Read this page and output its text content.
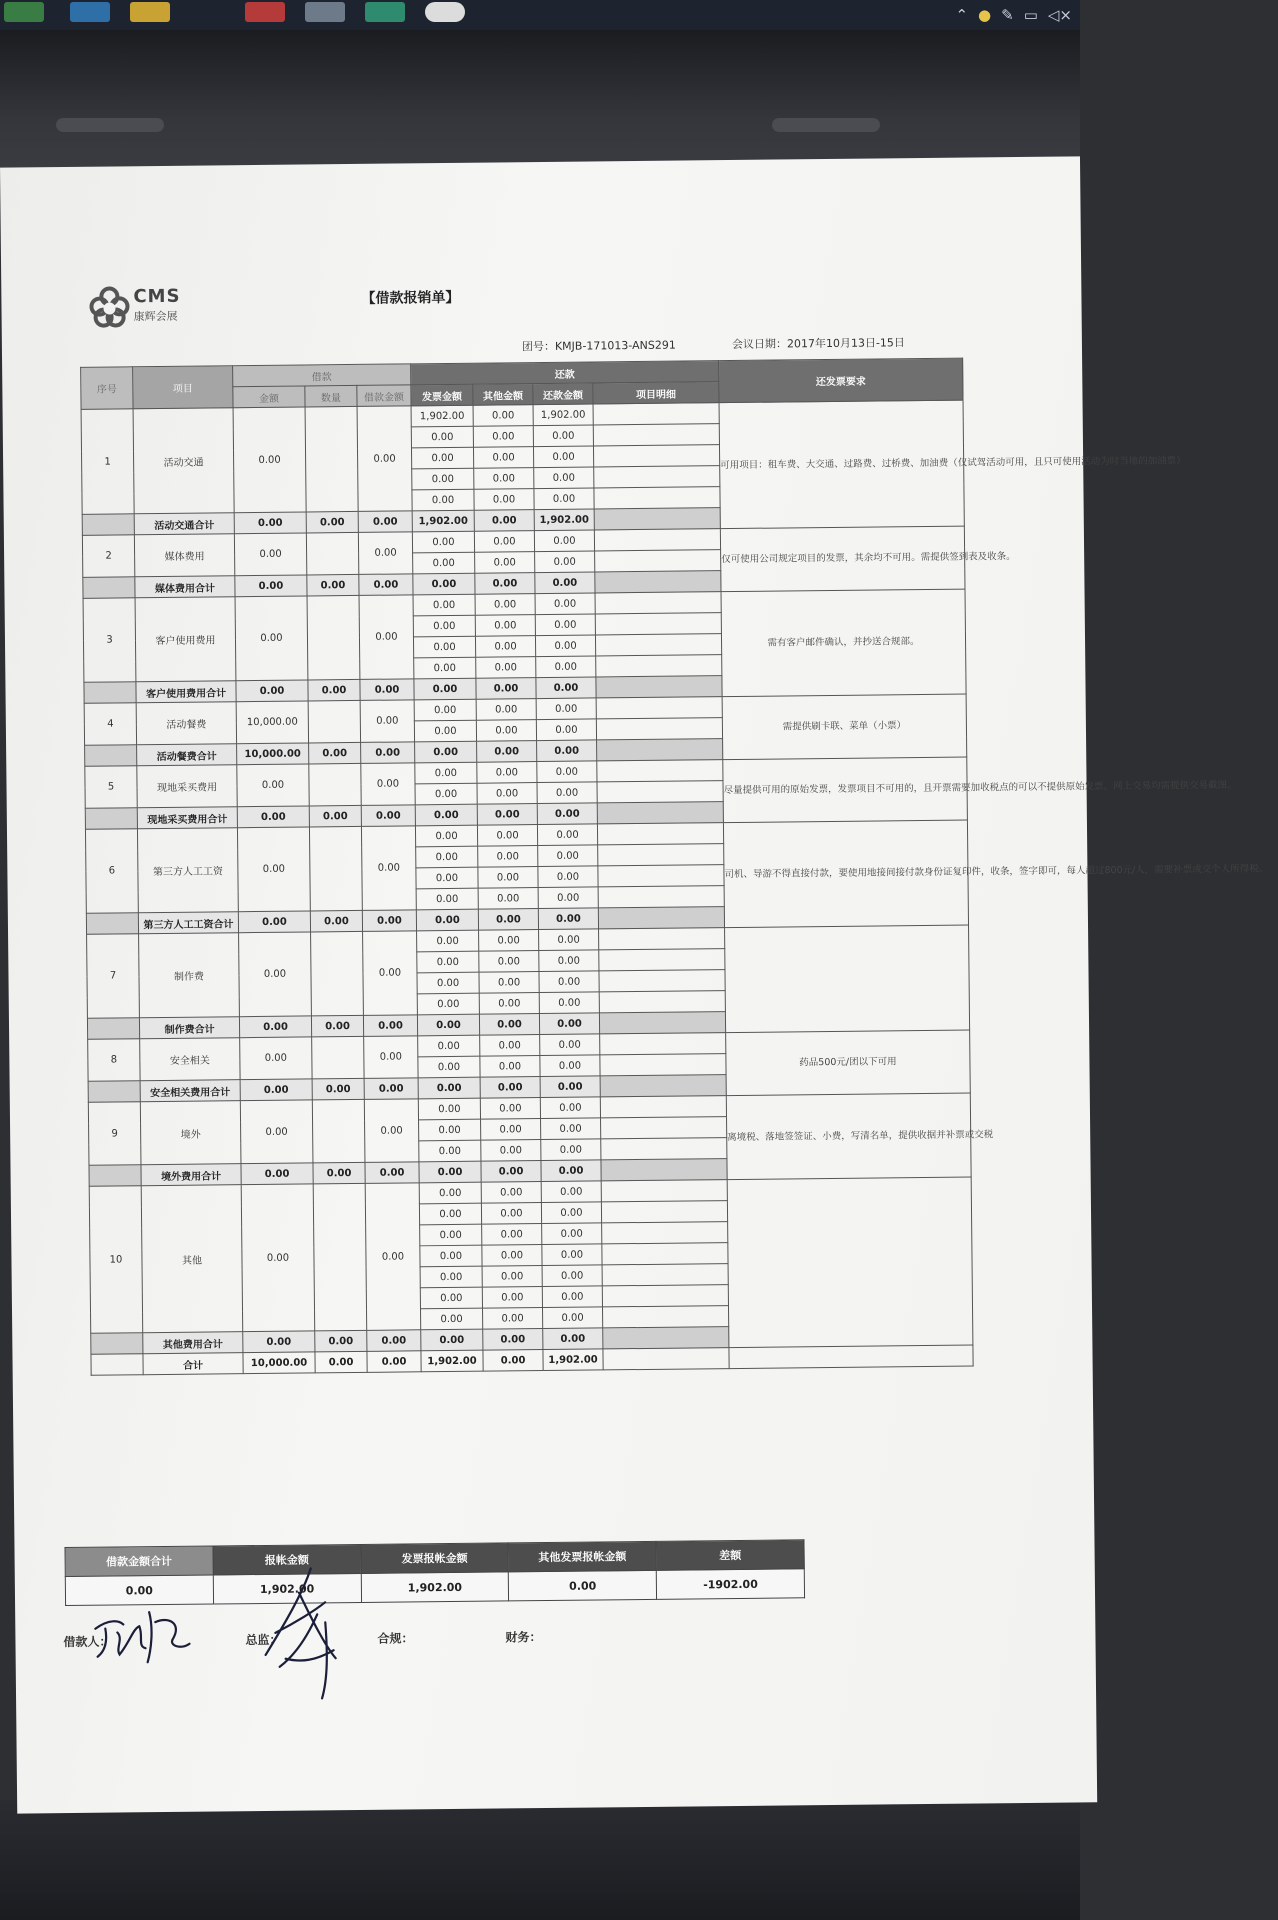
⌃ ● ✎ ▭ ◁×
CMS
康辉会展
【借款报销单】
团号：KMJB-171013-ANS291	会议日期：2017年10月13日-15日
序号	项目	借款			还款				还发票要求
		金额	数量	借款金额	发票金额	其他金额	还款金额	项目明细	
1	活动交通	0.00		0.00	1,902.00	0.00	1,902.00		可用项目：租车费、大交通、过路费、过桥费、加油费（仅试驾活动可用，且只可使用活动为时当地的加油票）
					0.00	0.00	0.00		
					0.00	0.00	0.00		
					0.00	0.00	0.00		
					0.00	0.00	0.00		
	活动交通合计	0.00	0.00	0.00	1,902.00	0.00	1,902.00		
2	媒体费用	0.00		0.00	0.00	0.00	0.00		仅可使用公司规定项目的发票，其余均不可用。需提供签到表及收条。
					0.00	0.00	0.00		
	媒体费用合计	0.00	0.00	0.00	0.00	0.00	0.00		
3	客户使用费用	0.00		0.00	0.00	0.00	0.00		需有客户邮件确认，并抄送合规部。
					0.00	0.00	0.00		
					0.00	0.00	0.00		
					0.00	0.00	0.00		
	客户使用费用合计	0.00	0.00	0.00	0.00	0.00	0.00		
4	活动餐费	10,000.00		0.00	0.00	0.00	0.00		需提供刷卡联、菜单（小票）
					0.00	0.00	0.00		
	活动餐费合计	10,000.00	0.00	0.00	0.00	0.00	0.00		
5	现地采买费用	0.00		0.00	0.00	0.00	0.00		尽量提供可用的原始发票，发票项目不可用的，且开票需要加收税点的可以不提供原始发票。网上交易均需提供交易截图。
					0.00	0.00	0.00		
	现地采买费用合计	0.00	0.00	0.00	0.00	0.00	0.00		
6	第三方人工工资	0.00		0.00	0.00	0.00	0.00		司机、导游不得直接付款，要使用地接间接付款身份证复印件，收条，签字即可，每人超过800元/人，需要补票或交个人所得税。
					0.00	0.00	0.00		
					0.00	0.00	0.00		
					0.00	0.00	0.00		
	第三方人工工资合计	0.00	0.00	0.00	0.00	0.00	0.00		
7	制作费	0.00		0.00	0.00	0.00	0.00		
					0.00	0.00	0.00		
					0.00	0.00	0.00		
					0.00	0.00	0.00		
	制作费合计	0.00	0.00	0.00	0.00	0.00	0.00		
8	安全相关	0.00		0.00	0.00	0.00	0.00		药品500元/团以下可用
					0.00	0.00	0.00		
	安全相关费用合计	0.00	0.00	0.00	0.00	0.00	0.00		
9	境外	0.00		0.00	0.00	0.00	0.00		离境税、落地签签证、小费，写清名单，提供收据并补票或交税
					0.00	0.00	0.00		
					0.00	0.00	0.00		
	境外费用合计	0.00	0.00	0.00	0.00	0.00	0.00		
10	其他	0.00		0.00	0.00	0.00	0.00		
					0.00	0.00	0.00		
					0.00	0.00	0.00		
					0.00	0.00	0.00		
					0.00	0.00	0.00		
					0.00	0.00	0.00		
					0.00	0.00	0.00		
	其他费用合计	0.00	0.00	0.00	0.00	0.00	0.00		
	合计	10,000.00	0.00	0.00	1,902.00	0.00	1,902.00		
借款金额合计	报帐金额	发票报帐金额	其他发票报帐金额	差额
0.00	1,902.00	1,902.00	0.00	-1902.00
借款人：	总监：	合规：	财务：
